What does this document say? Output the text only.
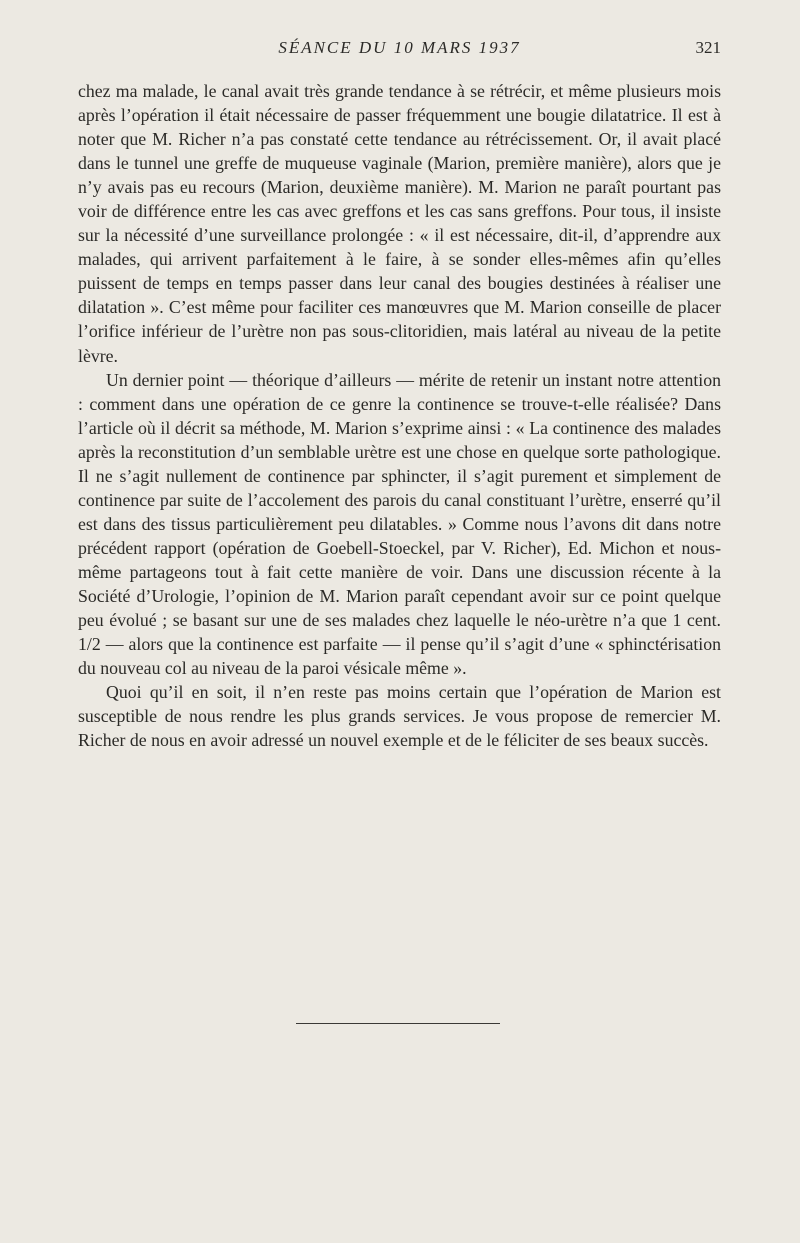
SÉANCE DU 10 MARS 1937	321

chez ma malade, le canal avait très grande tendance à se rétrécir, et même plusieurs mois après l’opération il était nécessaire de passer fréquemment une bougie dilatatrice. Il est à noter que M. Richer n’a pas constaté cette tendance au rétrécissement. Or, il avait placé dans le tunnel une greffe de muqueuse vaginale (Marion, première manière), alors que je n’y avais pas eu recours (Marion, deuxième manière). M. Marion ne paraît pourtant pas voir de différence entre les cas avec greffons et les cas sans greffons. Pour tous, il insiste sur la nécessité d’une surveillance prolongée : « il est nécessaire, dit-il, d’apprendre aux malades, qui arrivent parfaitement à le faire, à se sonder elles-mêmes afin qu’elles puissent de temps en temps passer dans leur canal des bougies destinées à réaliser une dilatation ». C’est même pour faciliter ces manœuvres que M. Marion conseille de placer l’orifice inférieur de l’urètre non pas sous-clitoridien, mais latéral au niveau de la petite lèvre.

Un dernier point — théorique d’ailleurs — mérite de retenir un instant notre attention : comment dans une opération de ce genre la continence se trouve-t-elle réalisée? Dans l’article où il décrit sa méthode, M. Marion s’exprime ainsi : « La continence des malades après la reconstitution d’un semblable urètre est une chose en quelque sorte pathologique. Il ne s’agit nullement de continence par sphincter, il s’agit purement et simplement de continence par suite de l’accolement des parois du canal constituant l’urètre, enserré qu’il est dans des tissus particulièrement peu dilatables. » Comme nous l’avons dit dans notre précédent rapport (opération de Goebell-Stoeckel, par V. Richer), Ed. Michon et nous-même partageons tout à fait cette manière de voir. Dans une discussion récente à la Société d’Urologie, l’opinion de M. Marion paraît cependant avoir sur ce point quelque peu évolué ; se basant sur une de ses malades chez laquelle le néo-urètre n’a que 1 cent. 1/2 — alors que la continence est parfaite — il pense qu’il s’agit d’une « sphinctérisation du nouveau col au niveau de la paroi vésicale même ».

Quoi qu’il en soit, il n’en reste pas moins certain que l’opération de Marion est susceptible de nous rendre les plus grands services. Je vous propose de remercier M. Richer de nous en avoir adressé un nouvel exemple et de le féliciter de ses beaux succès.
